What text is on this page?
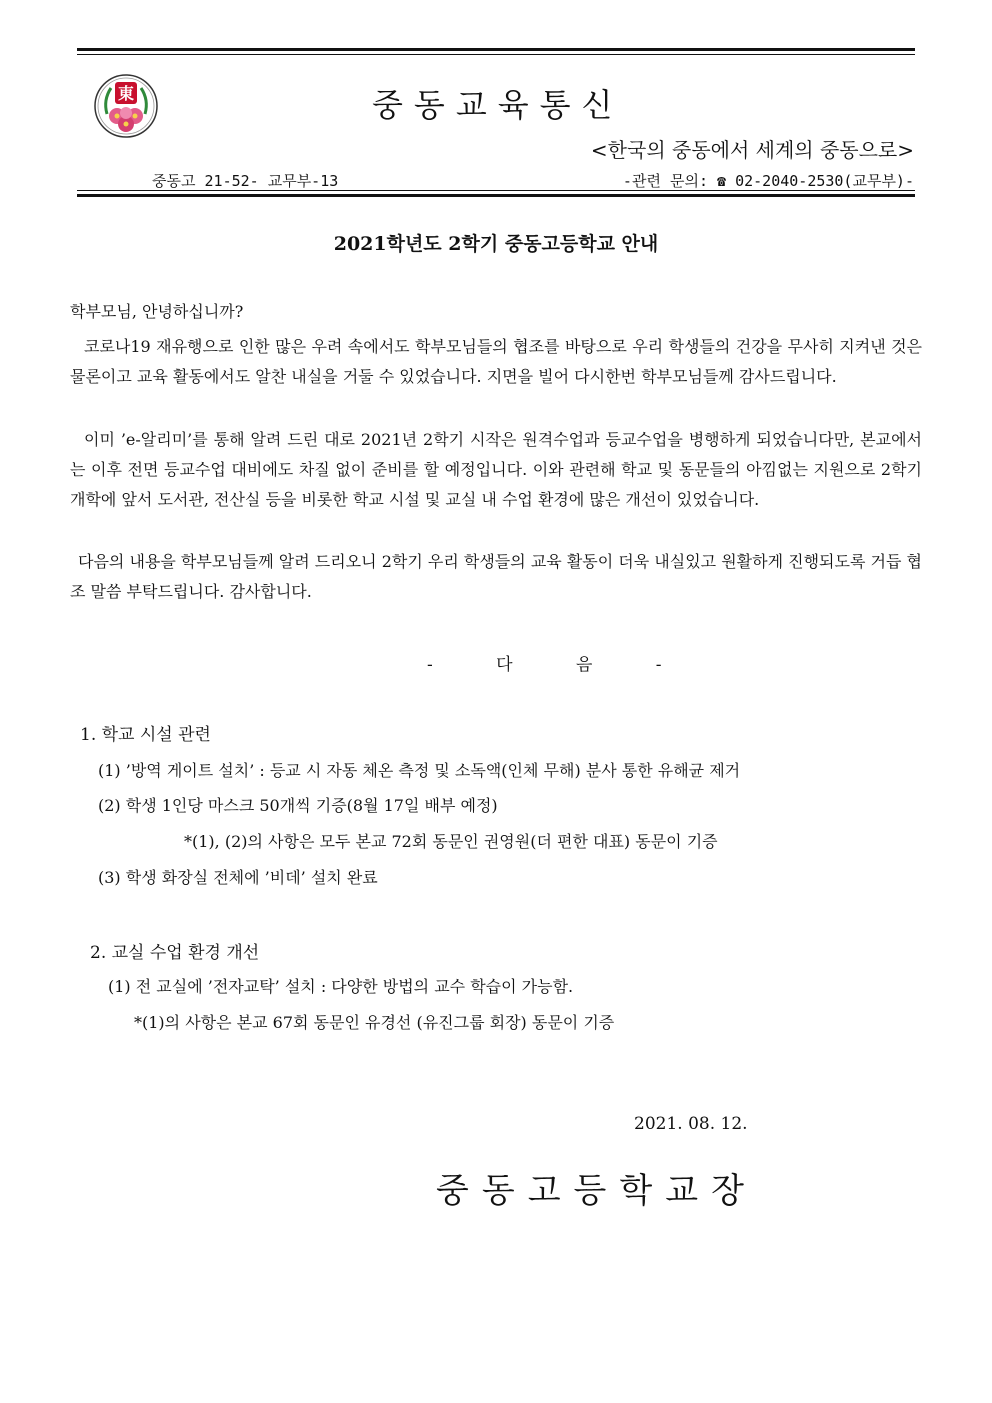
東	중동교육통신
<한국의 중동에서 세계의 중동으로>
중동고 21-52- 교무부-13	-관련 문의: ☎ 02-2040-2530(교무부)-
2021학년도 2학기 중동고등학교 안내
학부모님, 안녕하십니까?
코로나19 재유행으로 인한 많은 우려 속에서도 학부모님들의 협조를 바탕으로 우리 학생들의 건강을 무사히 지켜낸 것은 물론이고 교육 활동에서도 알찬 내실을 거둘 수 있었습니다. 지면을 빌어 다시한번 학부모님들께 감사드립니다.
이미 ’e-알리미’를 통해 알려 드린 대로 2021년 2학기 시작은 원격수업과 등교수업을 병행하게 되었습니다만, 본교에서는 이후 전면 등교수업 대비에도 차질 없이 준비를 할 예정입니다. 이와 관련해 학교 및 동문들의 아낌없는 지원으로 2학기 개학에 앞서 도서관, 전산실 등을 비롯한 학교 시설 및 교실 내 수업 환경에 많은 개선이 있었습니다.
다음의 내용을 학부모님들께 알려 드리오니 2학기 우리 학생들의 교육 활동이 더욱 내실있고 원활하게 진행되도록 거듭 협조 말씀 부탁드립니다. 감사합니다.
- 다 음 -
1. 학교 시설 관련
(1) ’방역 게이트 설치’ : 등교 시 자동 체온 측정 및 소독액(인체 무해) 분사 통한 유해균 제거
(2) 학생 1인당 마스크 50개씩 기증(8월 17일 배부 예정)
*(1), (2)의 사항은 모두 본교 72회 동문인 권영원(더 편한 대표) 동문이 기증
(3) 학생 화장실 전체에 ’비데’ 설치 완료
2. 교실 수업 환경 개선
(1) 전 교실에 ’전자교탁’ 설치 : 다양한 방법의 교수 학습이 가능함.
*(1)의 사항은 본교 67회 동문인 유경선 (유진그룹 회장) 동문이 기증
2021. 08. 12.
중동고등학교장
